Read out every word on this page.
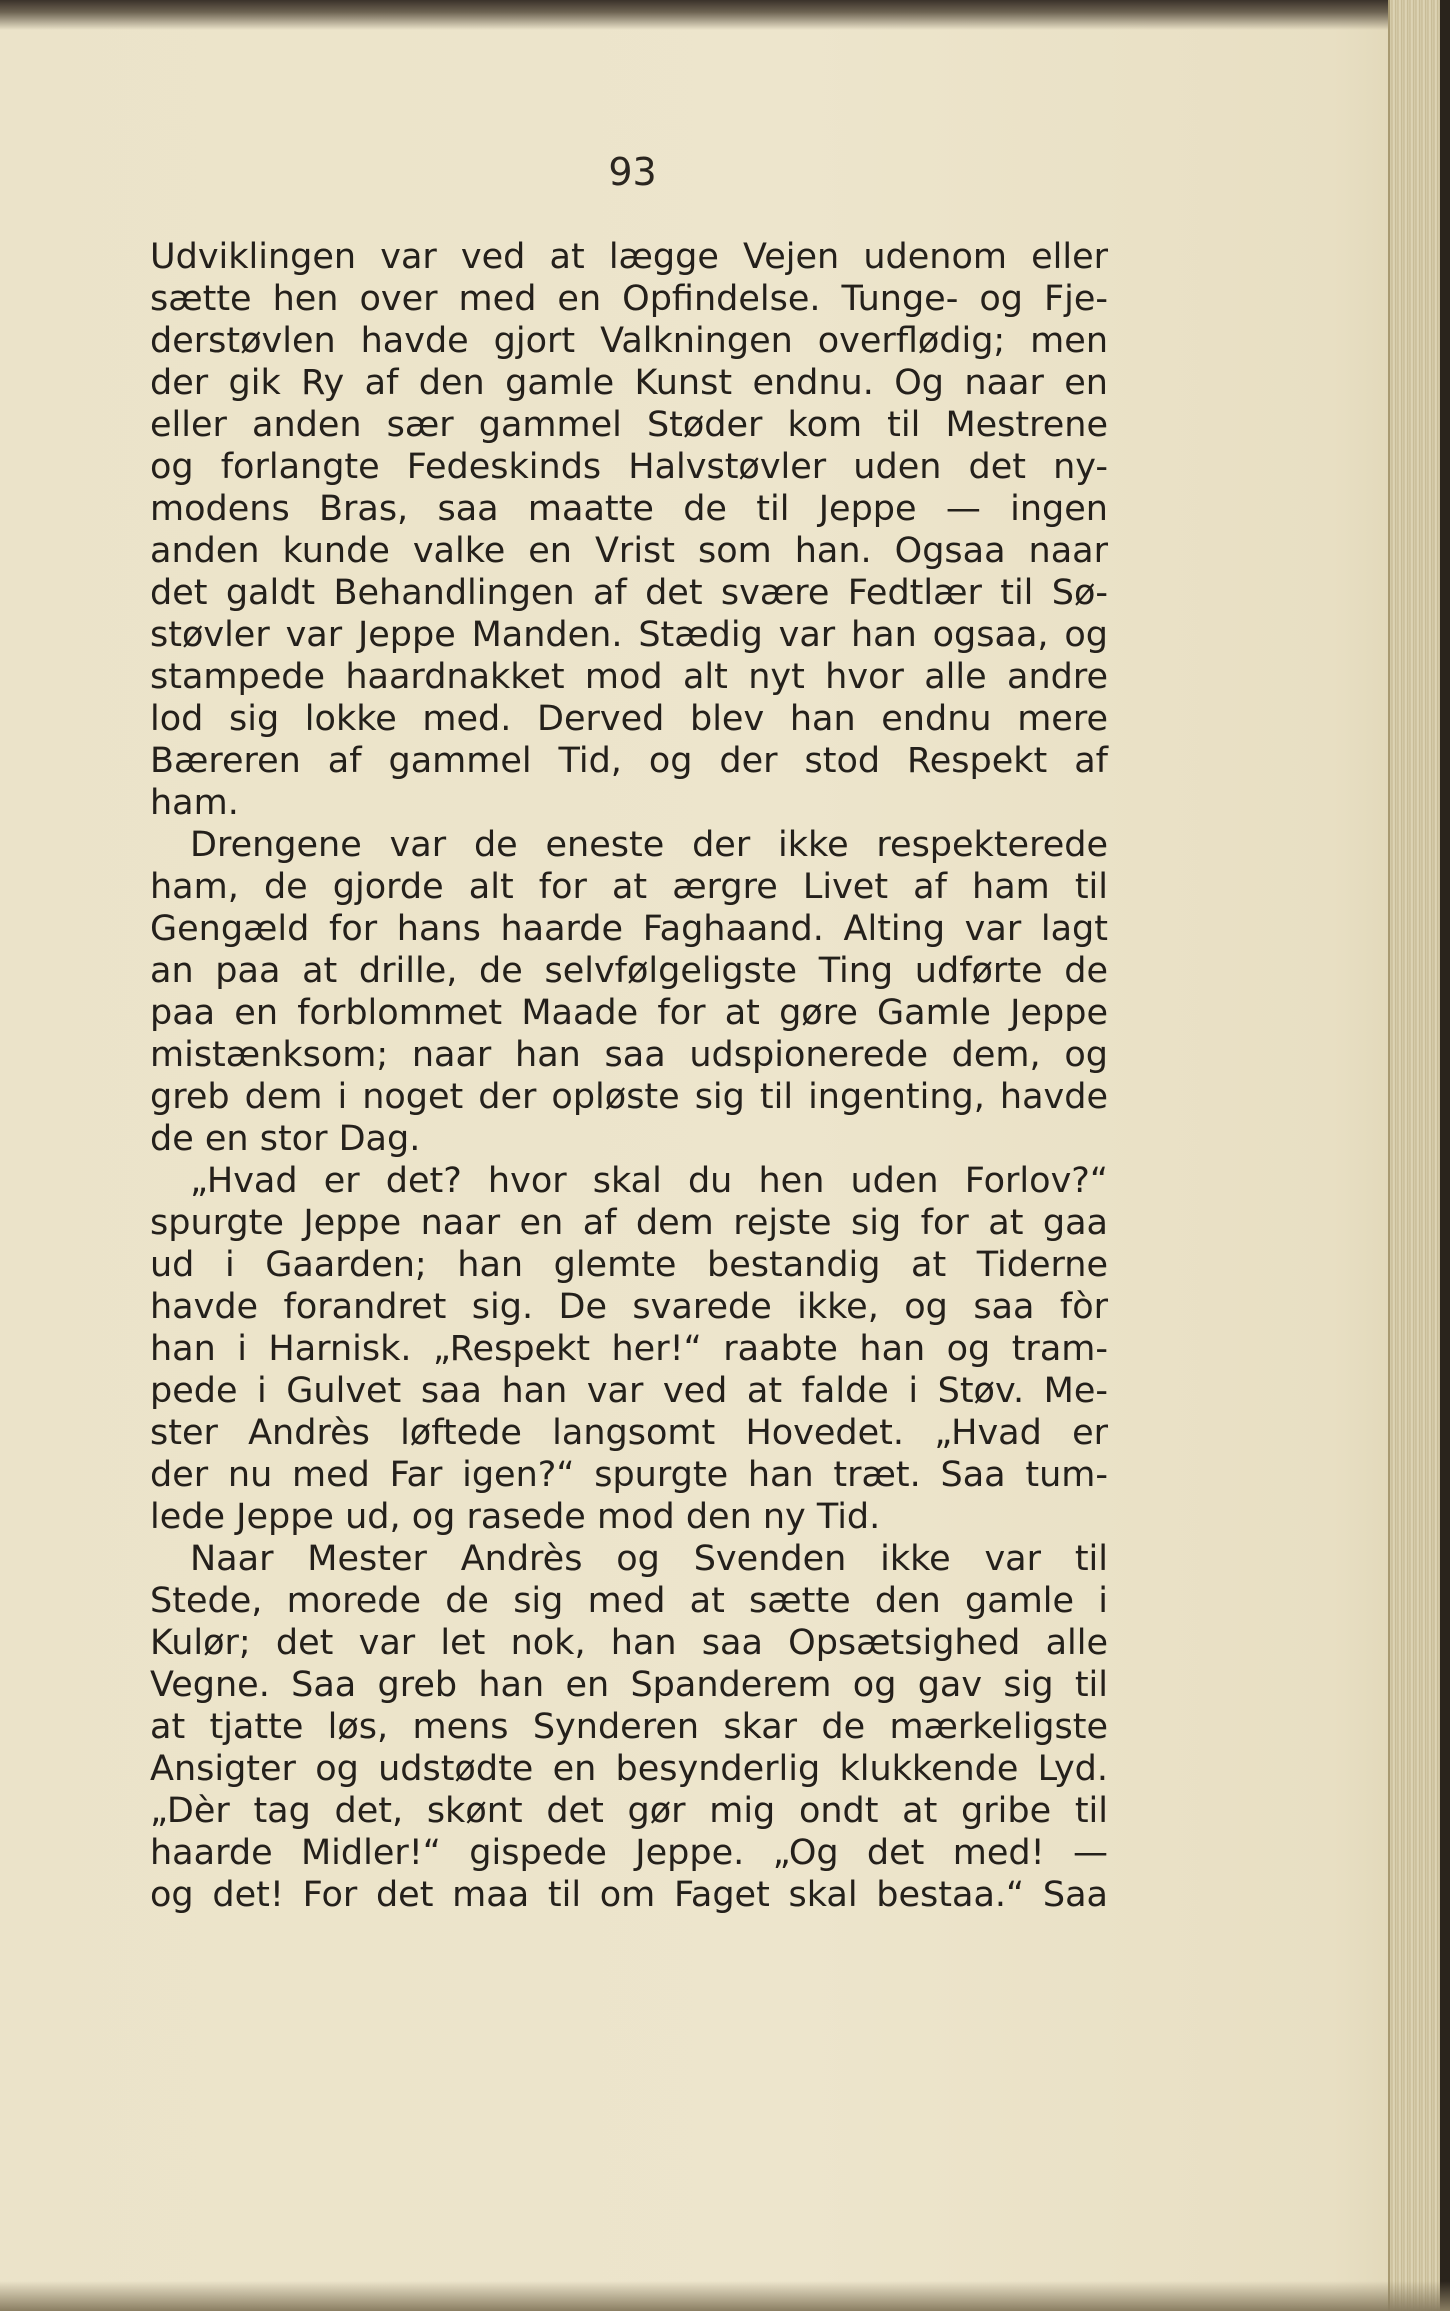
93
Udviklingen var ved at lægge Vejen udenom eller
sætte hen over med en Opfindelse. Tunge- og Fje-
derstøvlen havde gjort Valkningen overflødig; men
der gik Ry af den gamle Kunst endnu. Og naar en
eller anden sær gammel Støder kom til Mestrene
og forlangte Fedeskinds Halvstøvler uden det ny-
modens Bras, saa maatte de til Jeppe — ingen
anden kunde valke en Vrist som han. Ogsaa naar
det galdt Behandlingen af det svære Fedtlær til Sø-
støvler var Jeppe Manden. Stædig var han ogsaa, og
stampede haardnakket mod alt nyt hvor alle andre
lod sig lokke med. Derved blev han endnu mere
Bæreren af gammel Tid, og der stod Respekt af
ham.
Drengene var de eneste der ikke respekterede
ham, de gjorde alt for at ærgre Livet af ham til
Gengæld for hans haarde Faghaand. Alting var lagt
an paa at drille, de selvfølgeligste Ting udførte de
paa en forblommet Maade for at gøre Gamle Jeppe
mistænksom; naar han saa udspionerede dem, og
greb dem i noget der opløste sig til ingenting, havde
de en stor Dag.
„Hvad er det? hvor skal du hen uden Forlov?“
spurgte Jeppe naar en af dem rejste sig for at gaa
ud i Gaarden; han glemte bestandig at Tiderne
havde forandret sig. De svarede ikke, og saa fòr
han i Harnisk. „Respekt her!“ raabte han og tram-
pede i Gulvet saa han var ved at falde i Støv. Me-
ster Andrès løftede langsomt Hovedet. „Hvad er
der nu med Far igen?“ spurgte han træt. Saa tum-
lede Jeppe ud, og rasede mod den ny Tid.
Naar Mester Andrès og Svenden ikke var til
Stede, morede de sig med at sætte den gamle i
Kulør; det var let nok, han saa Opsætsighed alle
Vegne. Saa greb han en Spanderem og gav sig til
at tjatte løs, mens Synderen skar de mærkeligste
Ansigter og udstødte en besynderlig klukkende Lyd.
„Dèr tag det, skønt det gør mig ondt at gribe til
haarde Midler!“ gispede Jeppe. „Og det med! —
og det! For det maa til om Faget skal bestaa.“ Saa
